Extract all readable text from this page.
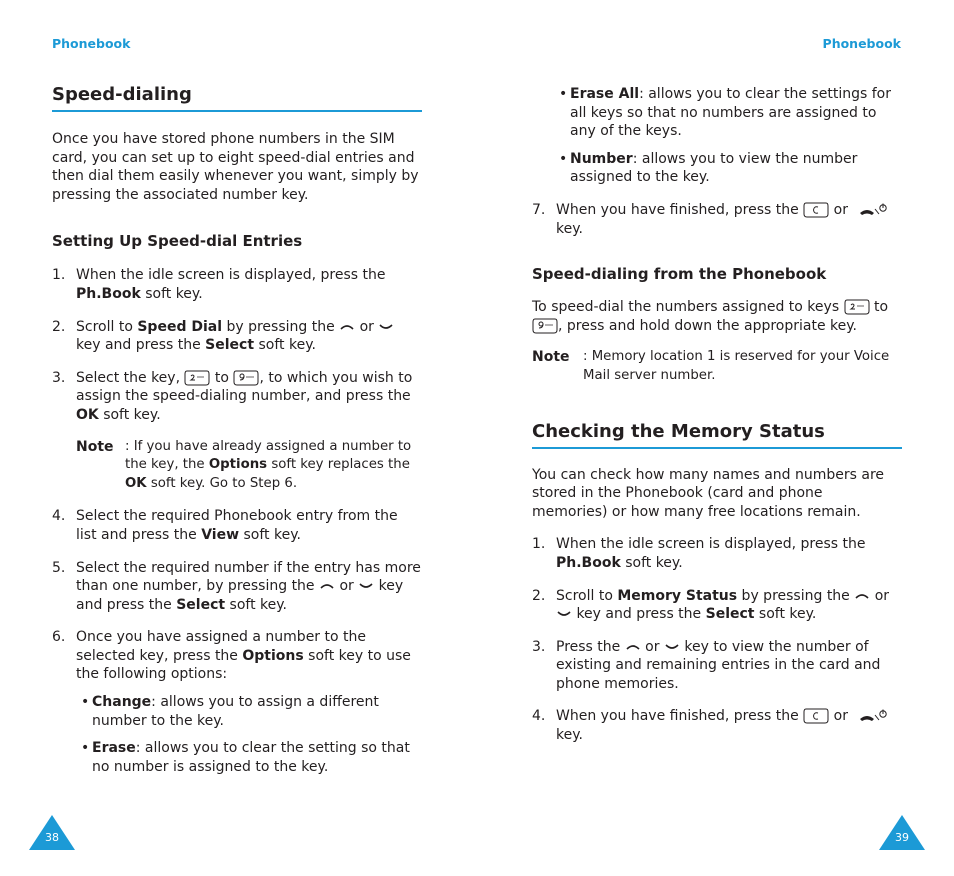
Phonebook	Phonebook
Speed-dialing

Once you have stored phone numbers in the SIM card, you can set up to eight speed-dial entries and then dial them easily whenever you want, simply by pressing the associated number key.

Setting Up Speed-dial Entries
1. When the idle screen is displayed, press the Ph.Book soft key.
2. Scroll to Speed Dial by pressing the  or  key and press the Select soft key.
3. Select the key,  to , to which you wish to assign the speed-dialing number, and press the OK soft key.
Note : If you have already assigned a number to the key, the Options soft key replaces the OK soft key. Go to Step 6.
4. Select the required Phonebook entry from the list and press the View soft key.
5. Select the required number if the entry has more than one number, by pressing the  or  key and press the Select soft key.
6. Once you have assigned a number to the selected key, press the Options soft key to use the following options:
• Change: allows you to assign a different number to the key.
• Erase: allows you to clear the setting so that no number is assigned to the key.
• Erase All: allows you to clear the settings for all keys so that no numbers are assigned to any of the keys.
• Number: allows you to view the number assigned to the key.
7. When you have finished, press the  or
key.
Speed-dialing from the Phonebook

To speed-dial the numbers assigned to keys  to , press and hold down the appropriate key.

Note : Memory location 1 is reserved for your Voice Mail server number.
Checking the Memory Status

You can check how many names and numbers are stored in the Phonebook (card and phone memories) or how many free locations remain.

1. When the idle screen is displayed, press the Ph.Book soft key.
2. Scroll to Memory Status by pressing the  or  key and press the Select soft key.
3. Press the  or  key to view the number of existing and remaining entries in the card and phone memories.
4. When you have finished, press the  or
key.
38	39
